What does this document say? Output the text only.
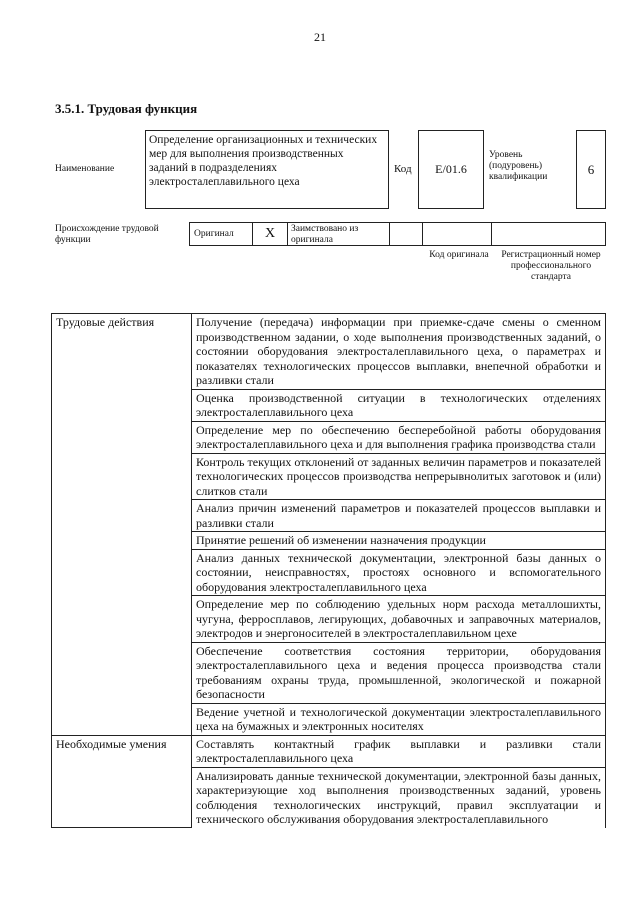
21
3.5.1. Трудовая функция
Наименование
Определение организационных и технических мер для выполнения производственных заданий в подразделениях электросталеплавильного цеха
Код	E/01.6
Уровень (подуровень) квалификации
6
Происхождение трудовой функции
Оригинал	X	Заимствовано из оригинала
Код оригинала	Регистрационный номер профессионального стандарта
Трудовые действия	Получение (передача) информации при приемке-сдаче смены о сменном производственном задании, о ходе выполнения производственных заданий, о состоянии оборудования электросталеплавильного цеха, о параметрах и показателях технологических процессов выплавки, внепечной обработки и разливки стали
	Оценка производственной ситуации в технологических отделениях электросталеплавильного цеха
	Определение мер по обеспечению бесперебойной работы оборудования электросталеплавильного цеха и для выполнения графика производства стали
	Контроль текущих отклонений от заданных величин параметров и показателей технологических процессов производства непрерывнолитых заготовок и (или) слитков стали
	Анализ причин изменений параметров и показателей процессов выплавки и разливки стали
	Принятие решений об изменении назначения продукции
	Анализ данных технической документации, электронной базы данных о состоянии, неисправностях, простоях основного и вспомогательного оборудования электросталеплавильного цеха
	Определение мер по соблюдению удельных норм расхода металлошихты, чугуна, ферросплавов, легирующих, добавочных и заправочных материалов, электродов и энергоносителей в электросталеплавильном цехе
	Обеспечение соответствия состояния территории, оборудования электросталеплавильного цеха и ведения процесса производства стали требованиям охраны труда, промышленной, экологической и пожарной безопасности
	Ведение учетной и технологической документации электросталеплавильного цеха на бумажных и электронных носителях
Необходимые умения	Составлять контактный график выплавки и разливки стали электросталеплавильного цеха
	Анализировать данные технической документации, электронной базы данных, характеризующие ход выполнения производственных заданий, уровень соблюдения технологических инструкций, правил эксплуатации и технического обслуживания оборудования электросталеплавильного
